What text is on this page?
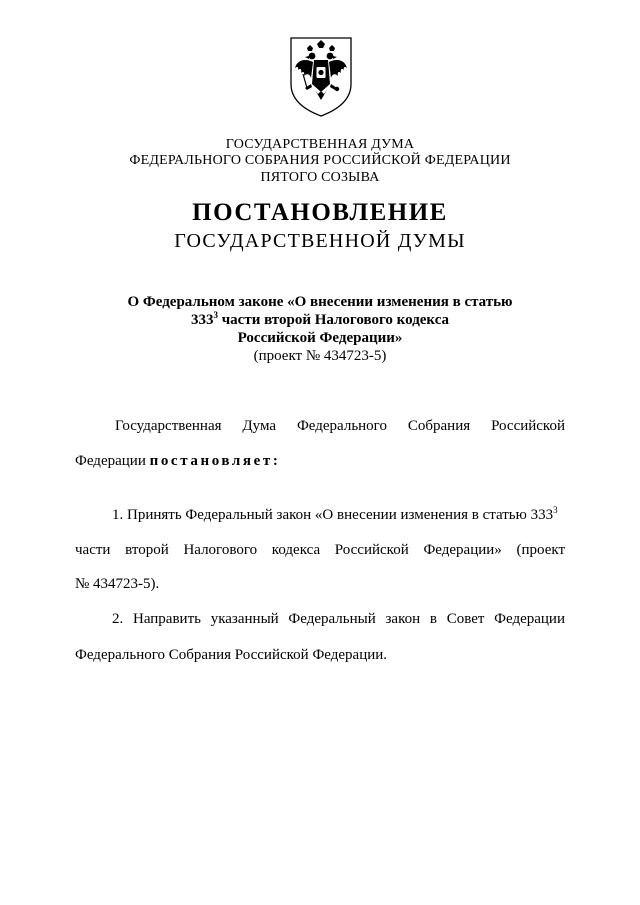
ГОСУДАРСТВЕННАЯ ДУМА
ФЕДЕРАЛЬНОГО СОБРАНИЯ РОССИЙСКОЙ ФЕДЕРАЦИИ
ПЯТОГО СОЗЫВА
ПОСТАНОВЛЕНИЕ
ГОСУДАРСТВЕННОЙ ДУМЫ
О Федеральном законе «О внесении изменения в статью
$333^3$ части второй Налогового кодекса
Российской Федерации»
(проект № 434723-5)
Государственная Дума Федерального Собрания Российской
Федерации постановляет:
1. Принять Федеральный закон «О внесении изменения в статью $333^3$
части второй Налогового кодекса Российской Федерации» (проект
№ 434723-5).
2. Направить указанный Федеральный закон в Совет Федерации
Федерального Собрания Российской Федерации.
